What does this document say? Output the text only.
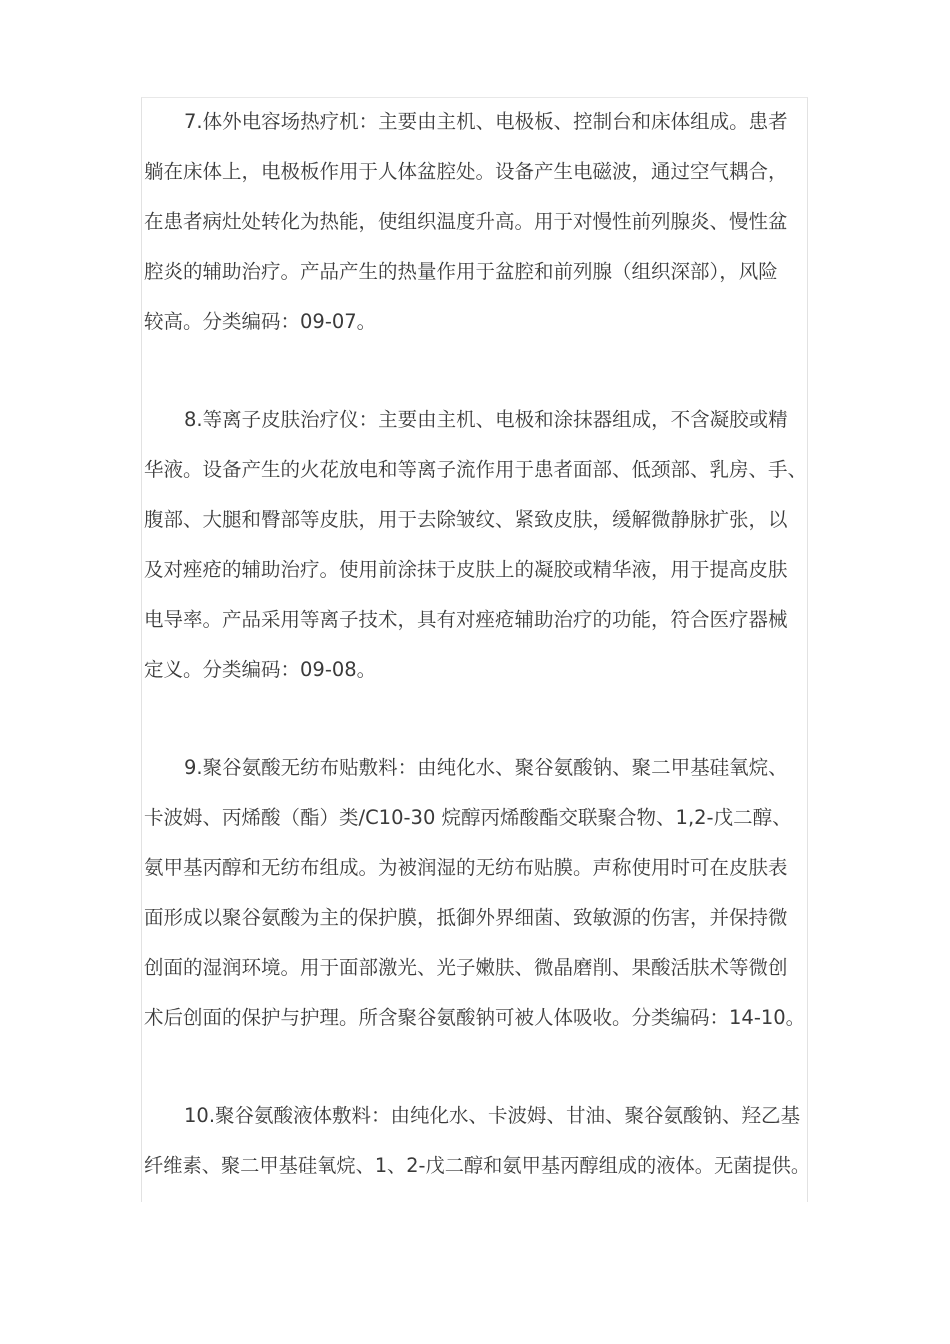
7.体外电容场热疗机：主要由主机、电极板、控制台和床体组成。患者
躺在床体上，电极板作用于人体盆腔处。设备产生电磁波，通过空气耦合，
在患者病灶处转化为热能，使组织温度升高。用于对慢性前列腺炎、慢性盆
腔炎的辅助治疗。产品产生的热量作用于盆腔和前列腺（组织深部），风险
较高。分类编码：09-07。
8.等离子皮肤治疗仪：主要由主机、电极和涂抹器组成，不含凝胶或精
华液。设备产生的火花放电和等离子流作用于患者面部、低颈部、乳房、手、
腹部、大腿和臀部等皮肤，用于去除皱纹、紧致皮肤，缓解微静脉扩张，以
及对痤疮的辅助治疗。使用前涂抹于皮肤上的凝胶或精华液，用于提高皮肤
电导率。产品采用等离子技术，具有对痤疮辅助治疗的功能，符合医疗器械
定义。分类编码：09-08。
9.聚谷氨酸无纺布贴敷料：由纯化水、聚谷氨酸钠、聚二甲基硅氧烷、
卡波姆、丙烯酸（酯）类/C10-30 烷醇丙烯酸酯交联聚合物、1,2-戊二醇、
氨甲基丙醇和无纺布组成。为被润湿的无纺布贴膜。声称使用时可在皮肤表
面形成以聚谷氨酸为主的保护膜，抵御外界细菌、致敏源的伤害，并保持微
创面的湿润环境。用于面部激光、光子嫩肤、微晶磨削、果酸活肤术等微创
术后创面的保护与护理。所含聚谷氨酸钠可被人体吸收。分类编码：14-10。
10.聚谷氨酸液体敷料：由纯化水、卡波姆、甘油、聚谷氨酸钠、羟乙基
纤维素、聚二甲基硅氧烷、1、2-戊二醇和氨甲基丙醇组成的液体。无菌提供。
